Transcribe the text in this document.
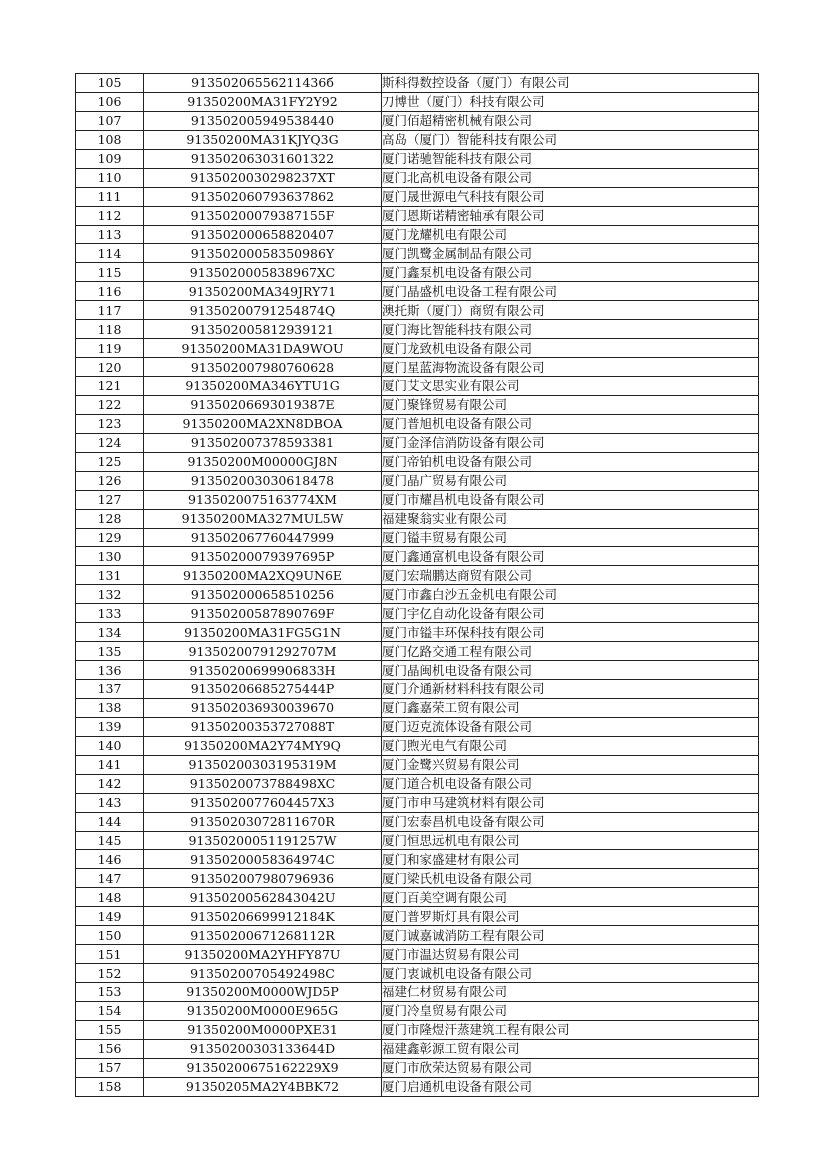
105	91350206556211436б	斯科得数控设备（厦门）有限公司
106	91350200MA31FY2Y92	刀博世（厦门）科技有限公司
107	913502005949538440	厦门佰超精密机械有限公司
108	91350200MA31KJYQ3G	高岛（厦门）智能科技有限公司
109	91350206303160132​2	厦门诺驰智能科技有限公司
110	91350200302982​37XT	厦门北高机电设备有限公司
111	91350206079363786​2	厦门晟世源电气科技有限公司
112	91350200079387155F	厦门恩斯诺精密轴承有限公司
113	913502000658820407	厦门龙耀机电有限公司
114	91350200058350986Y	厦门凯鹭金属制品有限公司
115	9135020005838967XC	厦门鑫泵机电设备有限公司
116	91350200MA349JRY71	厦门晶盛机电设备工程有限公司
117	91350200791254874Q	澳托斯（厦门）商贸有限公司
118	913502005812939121	厦门海比智能科技有限公司
119	91350200MA31DA9WOU	厦门龙致机电设备有限公司
120	913502007980760628	厦门星蓝海物流设备有限公司
121	91350200MA346YTU1G	厦门艾文思实业有限公司
122	91350206693019387E	厦门聚锋贸易有限公司
123	91350200MA2XN8DBOA	厦门普旭机电设备有限公司
124	913502007378593381	厦门金泽信消防设备有限公司
125	91350200M00000GJ8N	厦门帝铂机电设备有限公司
126	913502003030618478	厦门晶广贸易有限公司
127	91350200751637​74XM	厦门市耀昌机电设备有限公司
128	91350200MA327MUL5W	福建聚翁实业有限公司
129	913502067760447999	厦门镒丰贸易有限公司
130	91350200079397695P	厦门鑫通富机电设备有限公司
131	91350200MA2XQ9UN6E	厦门宏瑞鹏达商贸有限公司
132	913502000658510256	厦门市鑫白沙五金机电有限公司
133	91350200587890769F	厦门宇亿自动化设备有限公司
134	91350200MA31FG5G1N	厦门市镒丰环保科技有限公司
135	91350200791292707M	厦门亿路交通工程有限公司
136	91350200699906833H	厦门晶闽机电设备有限公司
137	91350206685275444P	厦门介通新材料科技有限公司
138	913502036930039670	厦门鑫嘉荣工贸有限公司
139	91350200353727088T	厦门迈克流体设备有限公司
140	91350200MA2Y74MY9Q	厦门煦光电气有限公司
141	91350200303195319M	厦门金鹭兴贸易有限公司
142	9135020073788498XC	厦门道合机电设备有限公司
143	9135020077604457X3	厦门市申马建筑材料有限公司
144	91350203072811670R	厦门宏泰昌机电设备有限公司
145	91350200051191257W	厦门恒思远机电有限公司
146	91350200058364974C	厦门和家盛建材有限公司
147	913502007980796936	厦门梁氏机电设备有限公司
148	91350200562843042U	厦门百美空调有限公司
149	91350206699912184K	厦门普罗斯灯具有限公司
150	91350200671268112R	厦门诚嘉诚消防工程有限公司
151	91350200MA2YHFY87U	厦门市温达贸易有限公司
152	91350200705492498C	厦门衷诚机电设备有限公司
153	91350200M0000WJD5P	福建仁材贸易有限公司
154	91350200M0000E965G	厦门冷皇贸易有限公司
155	91350200M0000PXE31	厦门市隆煜汗蒸建筑工程有限公司
156	91350200303133644D	福建鑫彰源工贸有限公司
157	91350200675162229X9	厦门市欣荣达贸易有限公司
158	91350205MA2Y4BBK72	厦门启通机电设备有限公司
